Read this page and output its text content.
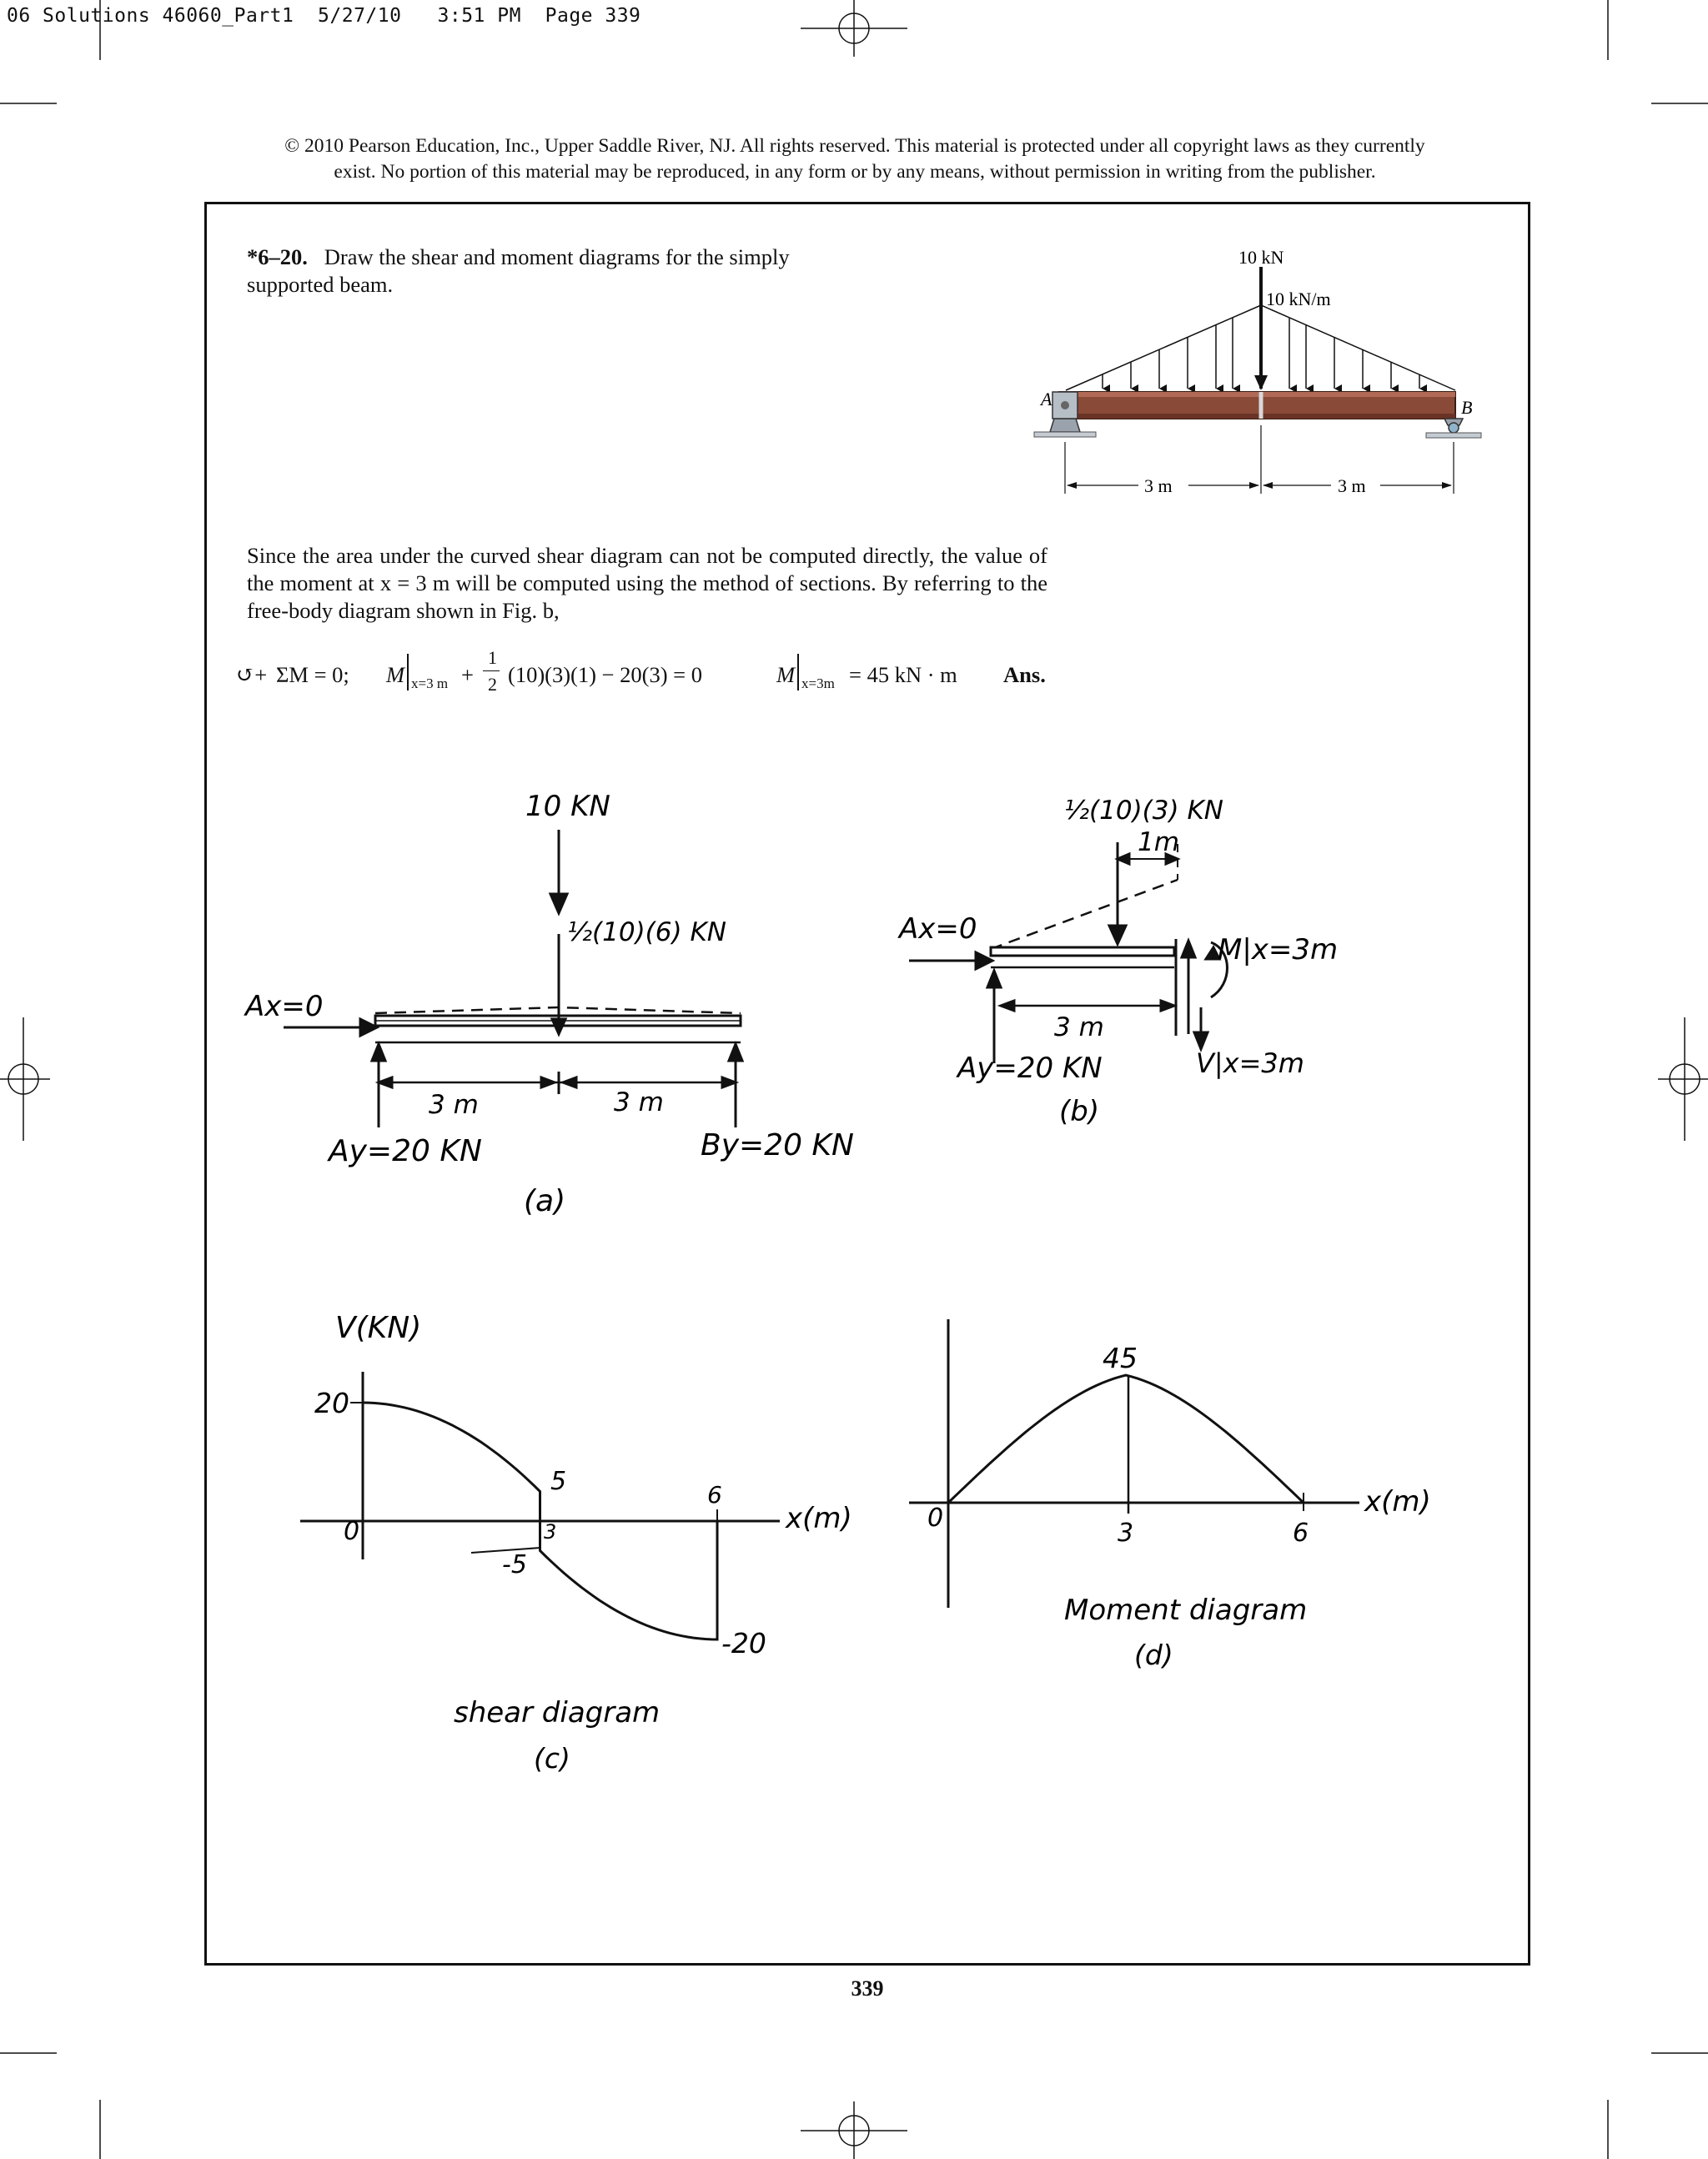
06 Solutions 46060_Part1  5/27/10   3:51 PM  Page 339
© 2010 Pearson Education, Inc., Upper Saddle River, NJ. All rights reserved. This material is protected under all copyright laws as they currently
exist. No portion of this material may be reproduced, in any form or by any means, without permission in writing from the publisher.
*6–20. Draw the shear and moment diagrams for the simply supported beam.
Since the area under the curved shear diagram can not be computed directly, the value of the moment at x = 3 m will be computed using the method of sections. By referring to the free-body diagram shown in Fig. b,
↺+ ΣM = 0; M x=3 m +
1
2 (10)(3)(1) − 20(3) = 0	M x=3m = 45 kN · m Ans.
10 kN
10 kN/m
A	B
3 m	3 m
10 KN
½(10)(6) KN
Ax=0
3 m	3 m
Ay=20 KN	By=20 KN
(a)
½(10)(3) KN
1m
Ax=0
M|x=3m
3 m
V|x=3m
Ay=20 KN
(b)
V(KN)
20
0
5
3
-5
6
x(m)
-20
shear diagram
(c)
45
0
3	6
x(m)
Moment diagram
(d)
339
